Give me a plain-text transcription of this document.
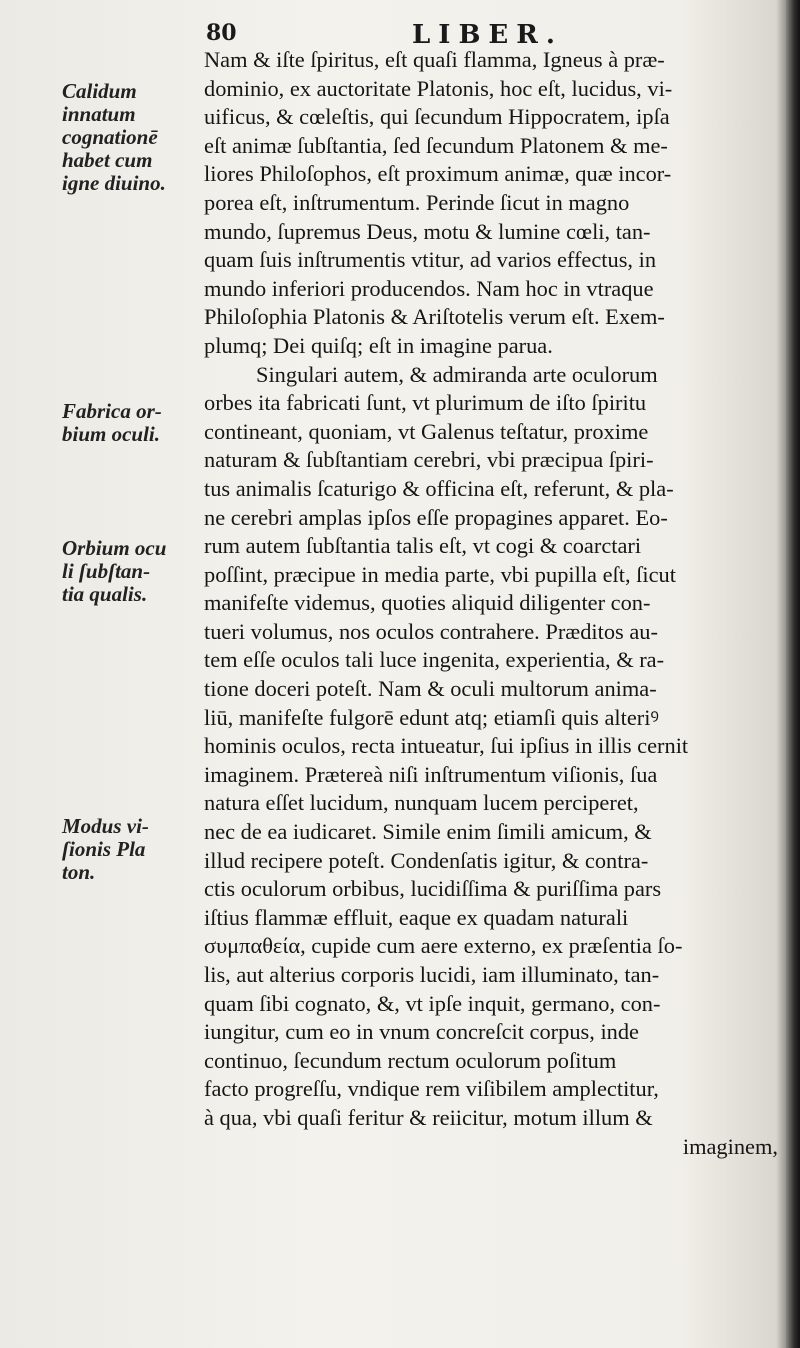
80	LIBER.
Calidum
innatum
cognationē
habet cum
igne diuino.
Fabrica or-
bium oculi.
Orbium ocu
li ſubſtan-
tia qualis.
Modus vi-
ſionis Pla
ton.
Nam & iſte ſpiritus, eſt quaſi flamma, Igneus à præ-
dominio, ex auctoritate Platonis, hoc eſt, lucidus, vi-
uificus, & cœleſtis, qui ſecundum Hippocratem, ipſa
eſt animæ ſubſtantia, ſed ſecundum Platonem & me-
liores Philoſophos, eſt proximum animæ, quæ incor-
porea eſt, inſtrumentum. Perinde ſicut in magno
mundo, ſupremus Deus, motu & lumine cœli, tan-
quam ſuis inſtrumentis vtitur, ad varios effectus, in
mundo inferiori producendos. Nam hoc in vtraque
Philoſophia Platonis & Ariſtotelis verum eſt. Exem-
plumq; Dei quiſq; eſt in imagine parua.
Singulari autem, & admiranda arte oculorum
orbes ita fabricati ſunt, vt plurimum de iſto ſpiritu
contineant, quoniam, vt Galenus teſtatur, proxime
naturam & ſubſtantiam cerebri, vbi præcipua ſpiri-
tus animalis ſcaturigo & officina eſt, referunt, & pla-
ne cerebri amplas ipſos eſſe propagines apparet. Eo-
rum autem ſubſtantia talis eſt, vt cogi & coarctari
poſſint, præcipue in media parte, vbi pupilla eſt, ſicut
manifeſte videmus, quoties aliquid diligenter con-
tueri volumus, nos oculos contrahere. Præditos au-
tem eſſe oculos tali luce ingenita, experientia, & ra-
tione doceri poteſt. Nam & oculi multorum anima-
liū, manifeſte fulgorē edunt atq; etiamſi quis alteriꝰ
hominis oculos, recta intueatur, ſui ipſius in illis cernit
imaginem. Prætereà niſi inſtrumentum viſionis, ſua
natura eſſet lucidum, nunquam lucem perciperet,
nec de ea iudicaret. Simile enim ſimili amicum, &
illud recipere poteſt. Condenſatis igitur, & contra-
ctis oculorum orbibus, lucidiſſima & puriſſima pars
iſtius flammæ effluit, eaque ex quadam naturali
συμπαθεία, cupide cum aere externo, ex præſentia ſo-
lis, aut alterius corporis lucidi, iam illuminato, tan-
quam ſibi cognato, &, vt ipſe inquit, germano, con-
iungitur, cum eo in vnum concreſcit corpus, inde
continuo, ſecundum rectum oculorum poſitum
facto progreſſu, vndique rem viſibilem amplectitur,
à qua, vbi quaſi feritur & reiicitur, motum illum &
imaginem,
